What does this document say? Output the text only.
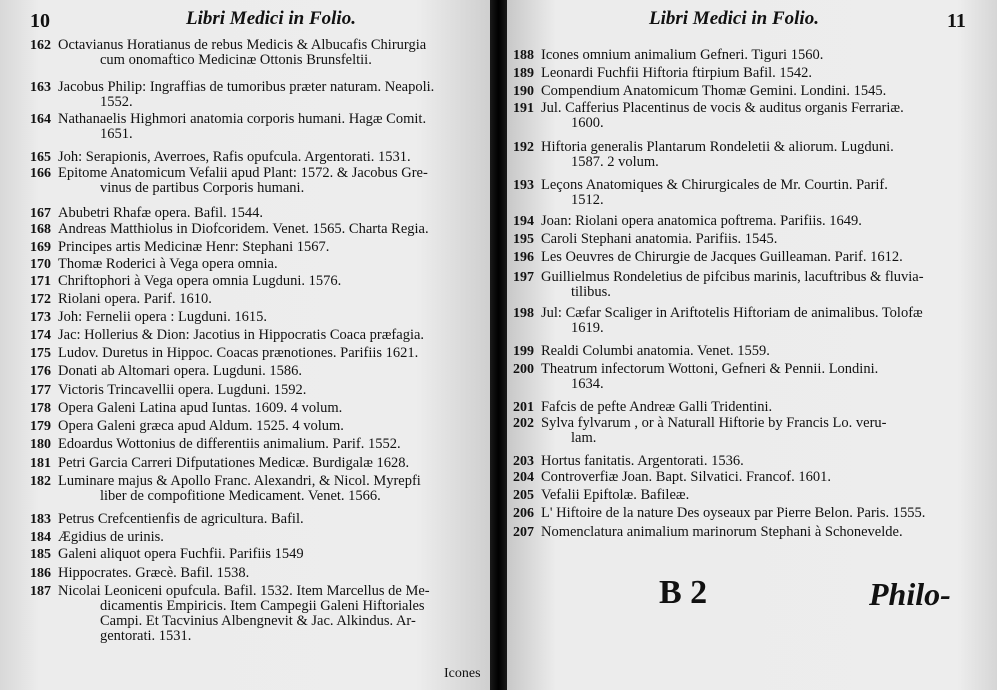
10	Libri Medici in Folio.
162 Octavianus Horatianus de rebus Medicis & Albucafis Chirurgia
cum onomaftico Medicinæ Ottonis Brunsfeltii.
163 Jacobus Philip: Ingraffias de tumoribus præter naturam. Neapoli.
1552.
164 Nathanaelis Highmori anatomia corporis humani. Hagæ Comit.
1651.
165 Joh: Serapionis, Averroes, Rafis opufcula. Argentorati. 1531.
166 Epitome Anatomicum Vefalii apud Plant: 1572. & Jacobus Gre-
vinus de partibus Corporis humani.
167 Abubetri Rhafæ opera. Bafil. 1544.
168 Andreas Matthiolus in Diofcoridem. Venet. 1565. Charta Regia.
169 Principes artis Medicinæ Henr: Stephani 1567.
170 Thomæ Roderici à Vega opera omnia.
171 Chriftophori à Vega opera omnia Lugduni. 1576.
172 Riolani opera. Parif. 1610.
173 Joh: Fernelii opera : Lugduni. 1615.
174 Jac: Hollerius & Dion: Jacotius in Hippocratis Coaca præfagia.
175 Ludov. Duretus in Hippoc. Coacas prænotiones. Parifiis 1621.
176 Donati ab Altomari opera. Lugduni. 1586.
177 Victoris Trincavellii opera. Lugduni. 1592.
178 Opera Galeni Latina apud Iuntas. 1609. 4 volum.
179 Opera Galeni græca apud Aldum. 1525. 4 volum.
180 Edoardus Wottonius de differentiis animalium. Parif. 1552.
181 Petri Garcia Carreri Difputationes Medicæ. Burdigalæ 1628.
182 Luminare majus & Apollo Franc. Alexandri, & Nicol. Myrepfi
liber de compofitione Medicament. Venet. 1566.
183 Petrus Crefcentienfis de agricultura. Bafil.
184 Ægidius de urinis.
185 Galeni aliquot opera Fuchfii. Parifiis 1549
186 Hippocrates. Græcè. Bafil. 1538.
187 Nicolai Leoniceni opufcula. Bafil. 1532. Item Marcellus de Me-
dicamentis Empiricis. Item Campegii Galeni Hiftoriales
Campi. Et Tacvinius Albengnevit & Jac. Alkindus. Ar-
gentorati. 1531.
Icones
Libri Medici in Folio.	11
188 Icones omnium animalium Gefneri. Tiguri 1560.
189 Leonardi Fuchfii Hiftoria ftirpium Bafil. 1542.
190 Compendium Anatomicum Thomæ Gemini. Londini. 1545.
191 Jul. Cafferius Placentinus de vocis & auditus organis Ferrariæ.
1600.
192 Hiftoria generalis Plantarum Rondeletii & aliorum. Lugduni.
1587. 2 volum.
193 Leçons Anatomiques & Chirurgicales de Mr. Courtin. Parif.
1512.
194 Joan: Riolani opera anatomica poftrema. Parifiis. 1649.
195 Caroli Stephani anatomia. Parifiis. 1545.
196 Les Oeuvres de Chirurgie de Jacques Guilleaman. Parif. 1612.
197 Guillielmus Rondeletius de pifcibus marinis, lacuftribus & fluvia-
tilibus.
198 Jul: Cæfar Scaliger in Ariftotelis Hiftoriam de animalibus. Tolofæ
1619.
199 Realdi Columbi anatomia. Venet. 1559.
200 Theatrum infectorum Wottoni, Gefneri & Pennii. Londini.
1634.
201 Fafcis de pefte Andreæ Galli Tridentini.
202 Sylva fylvarum , or à Naturall Hiftorie by Francis Lo. veru-
lam.
203 Hortus fanitatis. Argentorati. 1536.
204 Controverfiæ Joan. Bapt. Silvatici. Francof. 1601.
205 Vefalii Epiftolæ. Bafileæ.
206 L' Hiftoire de la nature Des oyseaux par Pierre Belon. Paris. 1555.
207 Nomenclatura animalium marinorum Stephani à Schonevelde.
B 2	Philo-
